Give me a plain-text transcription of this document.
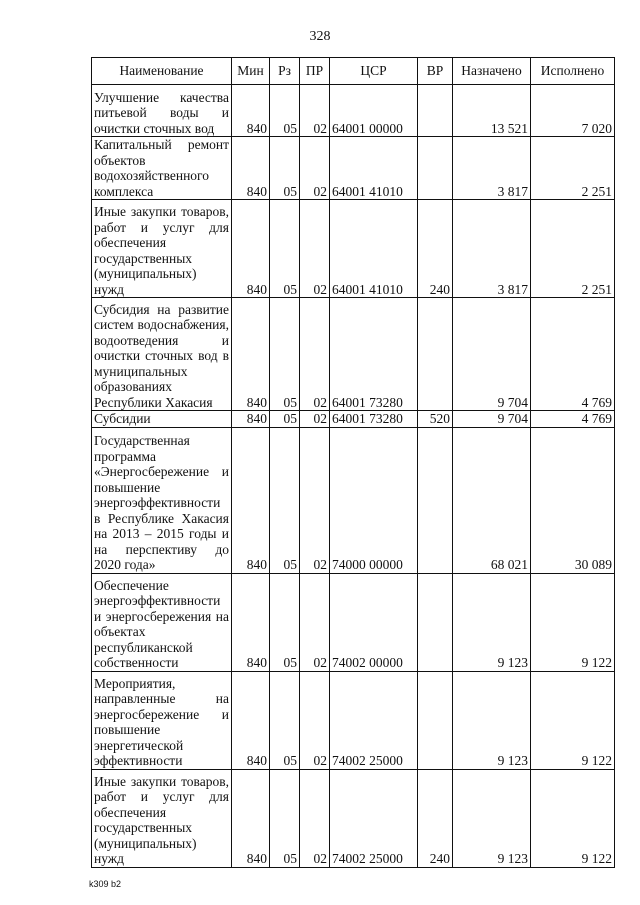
328
Наименование	Мин	Рз	ПР	ЦСР	ВР	Назначено	Исполнено
Улучшение качества питьевой воды и очистки сточных вод	840	05	02	64001 00000		13 521	7 020
Капитальный ремонт объектов водохозяйственного комплекса	840	05	02	64001 41010		3 817	2 251
Иные закупки товаров, работ и услуг для обеспечения государственных (муниципальных) нужд	840	05	02	64001 41010	240	3 817	2 251
Субсидия на развитие систем водоснабжения, водоотведения и очистки сточных вод в муниципальных образованиях Республики Хакасия	840	05	02	64001 73280		9 704	4 769
Субсидии	840	05	02	64001 73280	520	9 704	4 769
Государственная программа «Энергосбережение и повышение энергоэффективности в Республике Хакасия на 2013 – 2015 годы и на перспективу до 2020 года»	840	05	02	74000 00000		68 021	30 089
Обеспечение энергоэффективности и энергосбережения на объектах республиканской собственности	840	05	02	74002 00000		9 123	9 122
Мероприятия, направленные на энергосбережение и повышение энергетической эффективности	840	05	02	74002 25000		9 123	9 122
Иные закупки товаров, работ и услуг для обеспечения государственных (муниципальных) нужд	840	05	02	74002 25000	240	9 123	9 122
k309 b2
